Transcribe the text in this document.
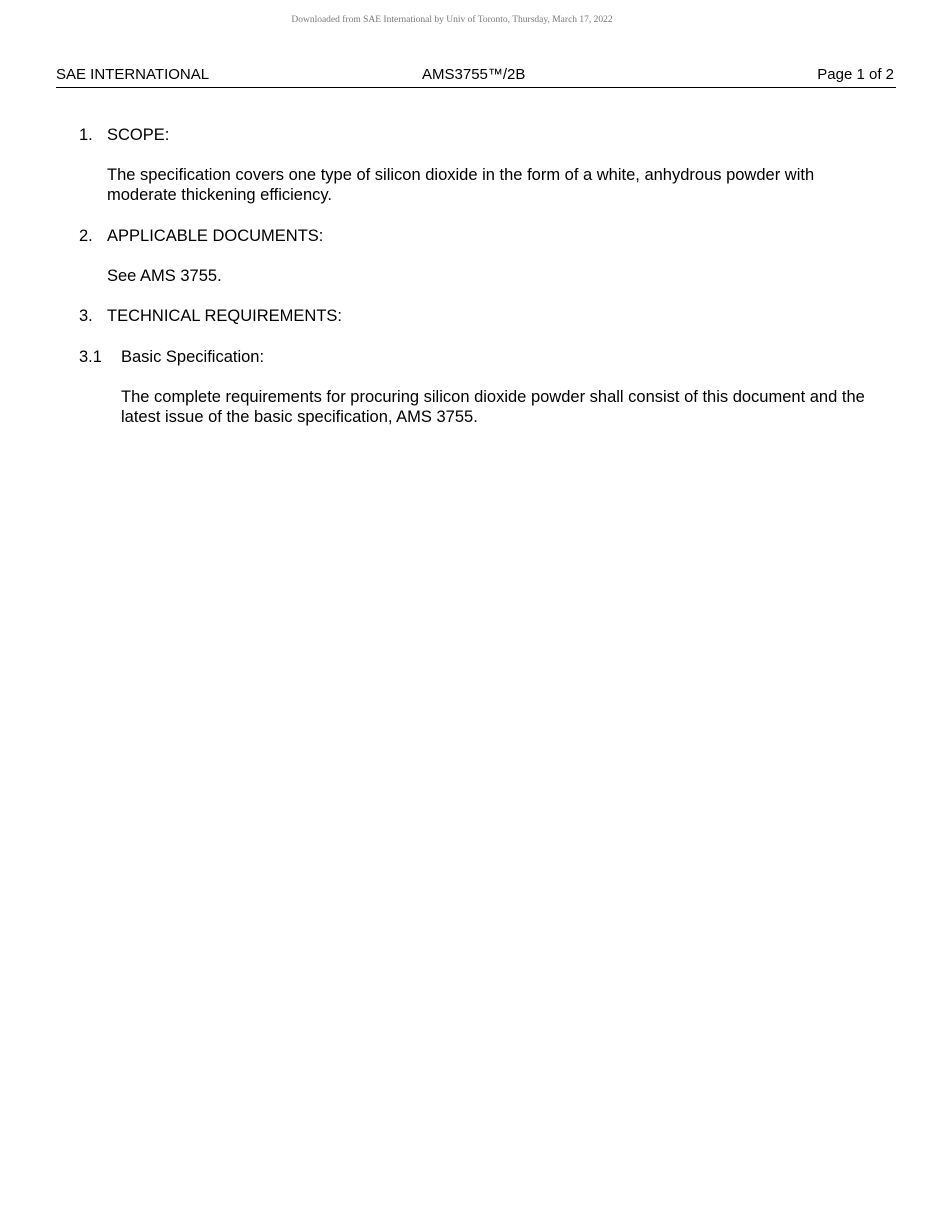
Downloaded from SAE International by Univ of Toronto, Thursday, March 17, 2022
SAE INTERNATIONAL	AMS3755™/2B	Page 1 of 2
1. SCOPE:
The specification covers one type of silicon dioxide in the form of a white, anhydrous powder with moderate thickening efficiency.
2. APPLICABLE DOCUMENTS:
See AMS 3755.
3. TECHNICAL REQUIREMENTS:
3.1 Basic Specification:
The complete requirements for procuring silicon dioxide powder shall consist of this document and the latest issue of the basic specification, AMS 3755.
